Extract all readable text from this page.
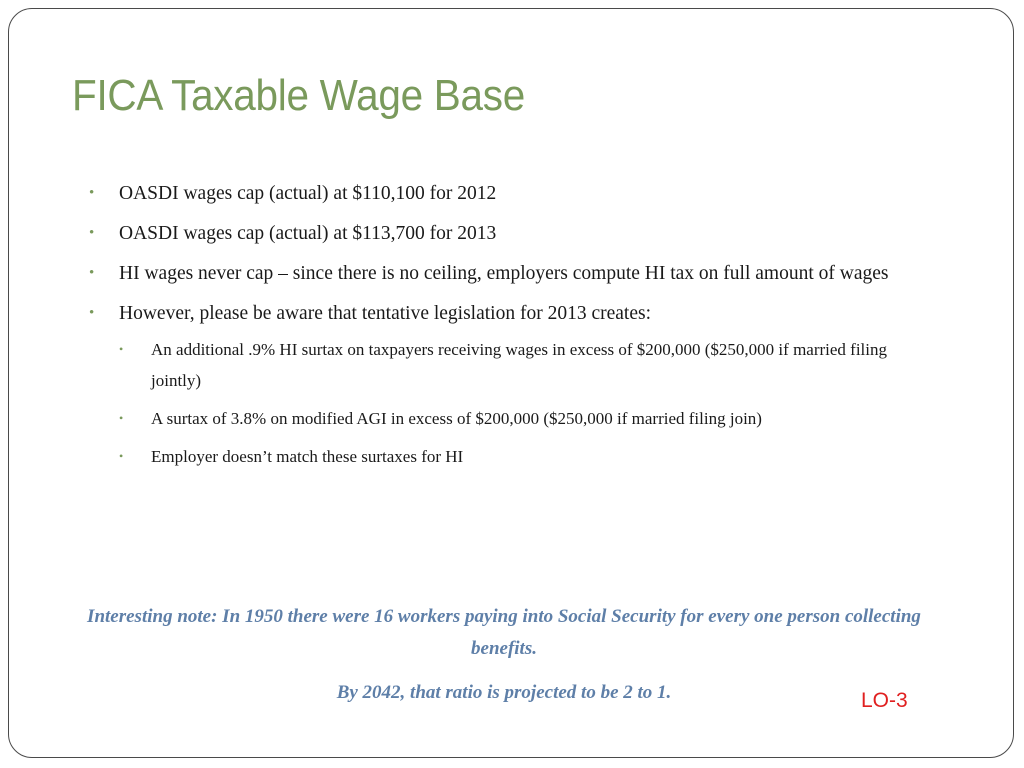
FICA Taxable Wage Base
• OASDI wages cap (actual) at $110,100 for 2012
• OASDI wages cap (actual) at $113,700 for 2013
• HI wages never cap – since there is no ceiling, employers compute HI tax on full amount of wages
• However, please be aware that tentative legislation for 2013 creates:
• An additional .9% HI surtax on taxpayers receiving wages in excess of $200,000 ($250,000 if married filing jointly)
• A surtax of 3.8% on modified AGI in excess of $200,000 ($250,000 if married filing join)
• Employer doesn’t match these surtaxes for HI

Interesting note: In 1950 there were 16 workers paying into Social Security for every one person collecting benefits.

By 2042, that ratio is projected to be 2 to 1.	LO-3
